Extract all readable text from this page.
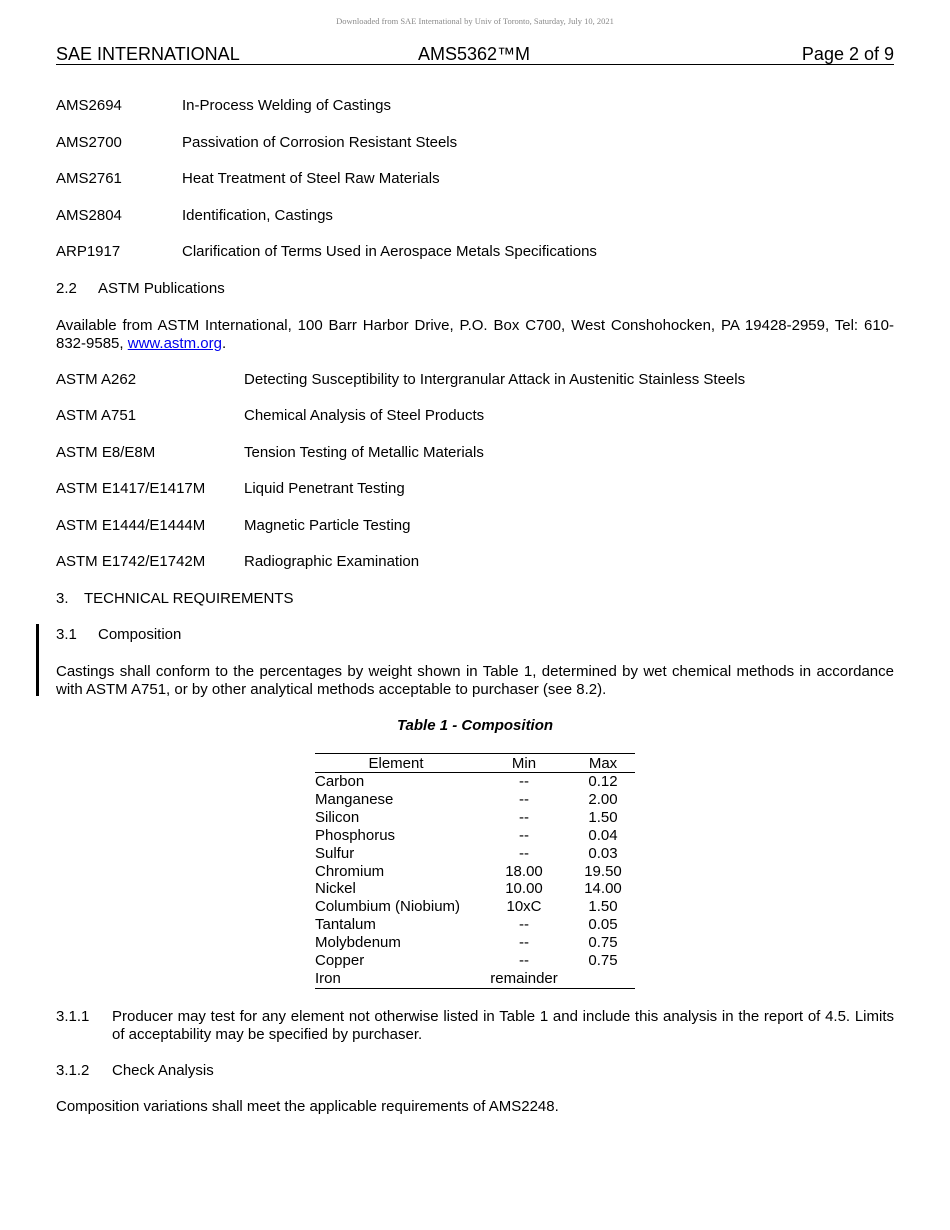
Downloaded from SAE International by Univ of Toronto, Saturday, July 10, 2021
SAE INTERNATIONAL	AMS5362™M	Page 2 of 9
AMS2694	In-Process Welding of Castings
AMS2700	Passivation of Corrosion Resistant Steels
AMS2761	Heat Treatment of Steel Raw Materials
AMS2804	Identification, Castings
ARP1917	Clarification of Terms Used in Aerospace Metals Specifications
2.2 ASTM Publications
Available from ASTM International, 100 Barr Harbor Drive, P.O. Box C700, West Conshohocken, PA 19428-2959, Tel: 610-832-9585, www.astm.org.
ASTM A262	Detecting Susceptibility to Intergranular Attack in Austenitic Stainless Steels
ASTM A751	Chemical Analysis of Steel Products
ASTM E8/E8M	Tension Testing of Metallic Materials
ASTM E1417/E1417M	Liquid Penetrant Testing
ASTM E1444/E1444M	Magnetic Particle Testing
ASTM E1742/E1742M	Radiographic Examination
3. TECHNICAL REQUIREMENTS
3.1 Composition
Castings shall conform to the percentages by weight shown in Table 1, determined by wet chemical methods in accordance with ASTM A751, or by other analytical methods acceptable to purchaser (see 8.2).
Table 1 - Composition
Element	Min	Max
Carbon	--	0.12
Manganese	--	2.00
Silicon	--	1.50
Phosphorus	--	0.04
Sulfur	--	0.03
Chromium	18.00	19.50
Nickel	10.00	14.00
Columbium (Niobium)	10xC	1.50
Tantalum	--	0.05
Molybdenum	--	0.75
Copper	--	0.75
Iron	remainder	
3.1.1 Producer may test for any element not otherwise listed in Table 1 and include this analysis in the report of 4.5. Limits of acceptability may be specified by purchaser.
3.1.2 Check Analysis
Composition variations shall meet the applicable requirements of AMS2248.
